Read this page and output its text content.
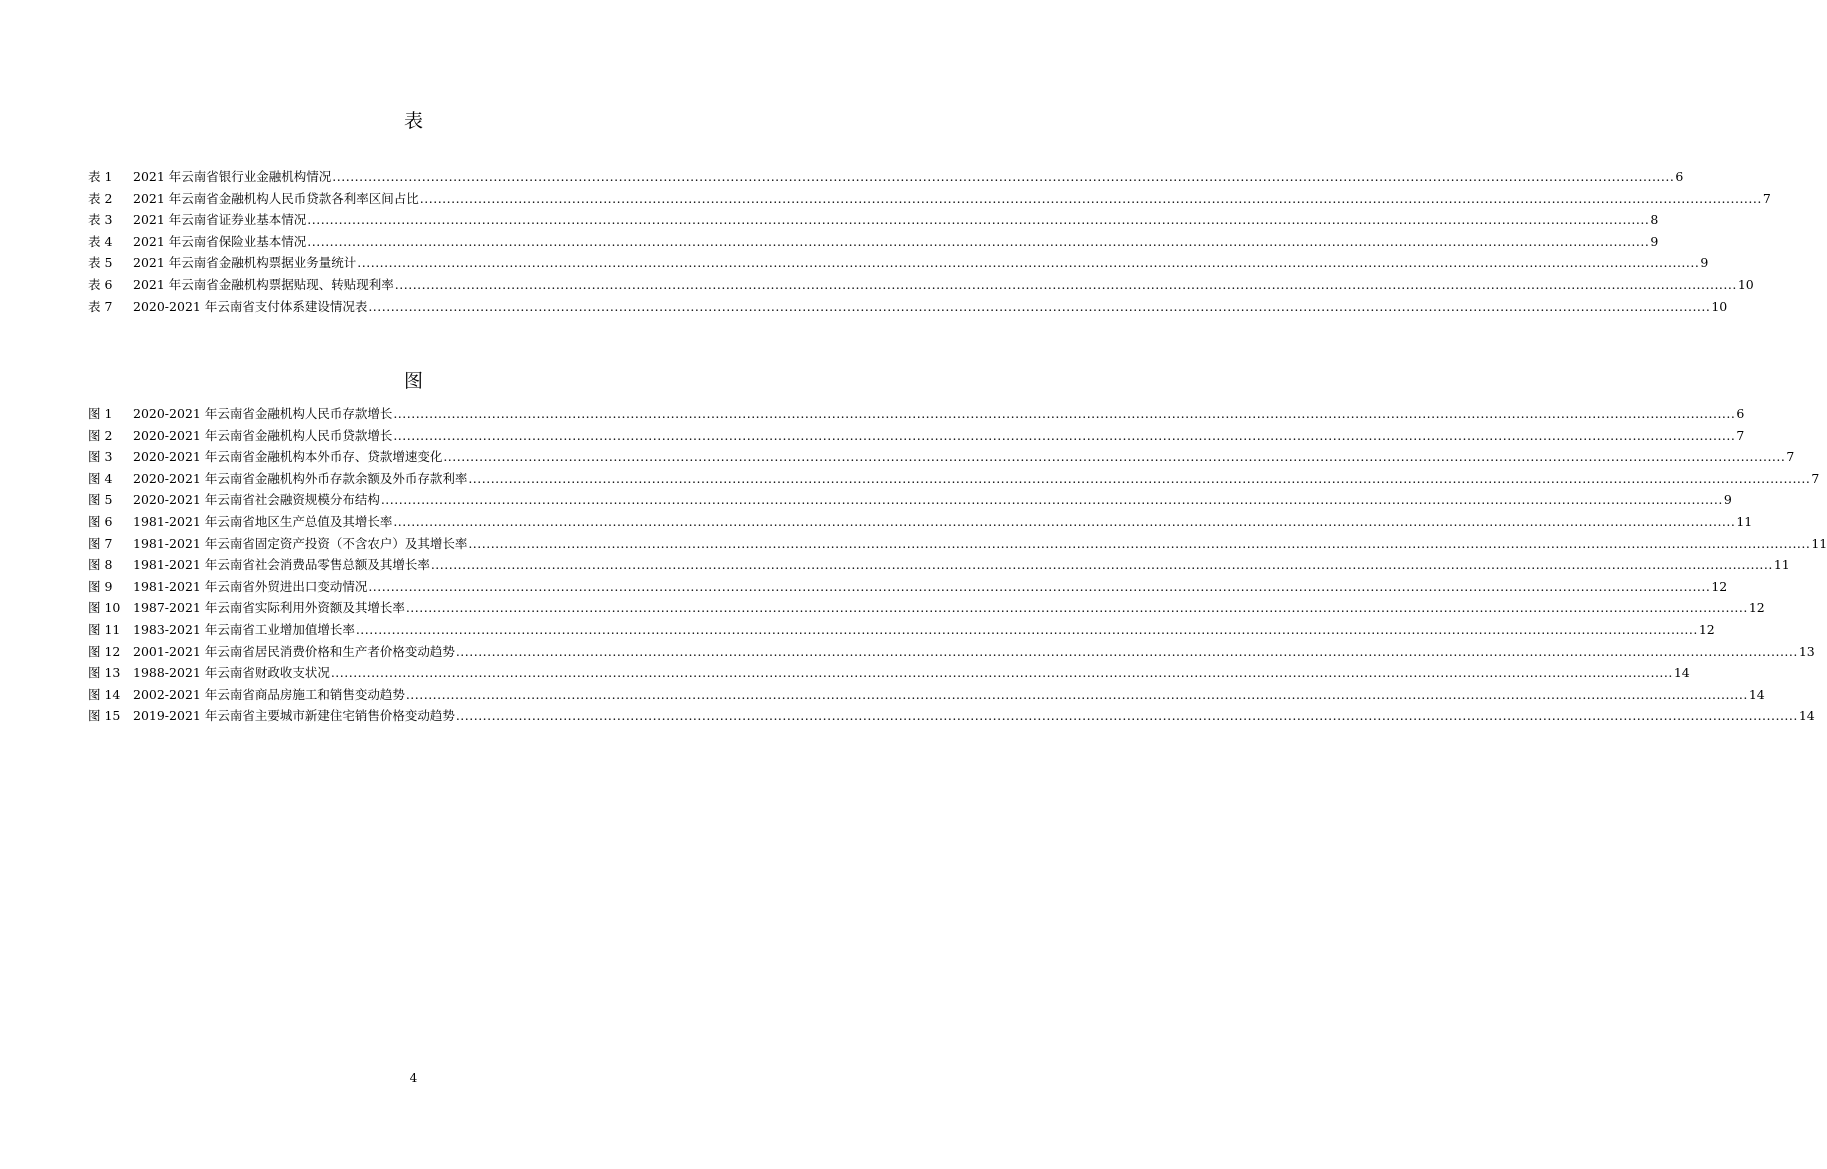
表
表 1	2021 年云南省银行业金融机构情况 ............................................................................................................................................................................................................................................................................................................ 6
表 2	2021 年云南省金融机构人民币贷款各利率区间占比 ............................................................................................................................................................................................................................................................................................................ 7
表 3	2021 年云南省证券业基本情况 ............................................................................................................................................................................................................................................................................................................ 8
表 4	2021 年云南省保险业基本情况 ............................................................................................................................................................................................................................................................................................................ 9
表 5	2021 年云南省金融机构票据业务量统计 ............................................................................................................................................................................................................................................................................................................ 9
表 6	2021 年云南省金融机构票据贴现、转贴现利率 ............................................................................................................................................................................................................................................................................................................ 10
表 7	2020-2021 年云南省支付体系建设情况表 ............................................................................................................................................................................................................................................................................................................ 10
图
图 1	2020-2021 年云南省金融机构人民币存款增长 ............................................................................................................................................................................................................................................................................................................ 6
图 2	2020-2021 年云南省金融机构人民币贷款增长 ............................................................................................................................................................................................................................................................................................................ 7
图 3	2020-2021 年云南省金融机构本外币存、贷款增速变化 ............................................................................................................................................................................................................................................................................................................ 7
图 4	2020-2021 年云南省金融机构外币存款余额及外币存款利率 ............................................................................................................................................................................................................................................................................................................ 7
图 5	2020-2021 年云南省社会融资规模分布结构 ............................................................................................................................................................................................................................................................................................................ 9
图 6	1981-2021 年云南省地区生产总值及其增长率 ............................................................................................................................................................................................................................................................................................................ 11
图 7	1981-2021 年云南省固定资产投资（不含农户）及其增长率 ............................................................................................................................................................................................................................................................................................................ 11
图 8	1981-2021 年云南省社会消费品零售总额及其增长率 ............................................................................................................................................................................................................................................................................................................ 11
图 9	1981-2021 年云南省外贸进出口变动情况 ............................................................................................................................................................................................................................................................................................................ 12
图 10	1987-2021 年云南省实际利用外资额及其增长率 ............................................................................................................................................................................................................................................................................................................ 12
图 11	1983-2021 年云南省工业增加值增长率 ............................................................................................................................................................................................................................................................................................................ 12
图 12	2001-2021 年云南省居民消费价格和生产者价格变动趋势 ............................................................................................................................................................................................................................................................................................................ 13
图 13	1988-2021 年云南省财政收支状况 ............................................................................................................................................................................................................................................................................................................ 14
图 14	2002-2021 年云南省商品房施工和销售变动趋势 ............................................................................................................................................................................................................................................................................................................ 14
图 15	2019-2021 年云南省主要城市新建住宅销售价格变动趋势 ............................................................................................................................................................................................................................................................................................................ 14
4
